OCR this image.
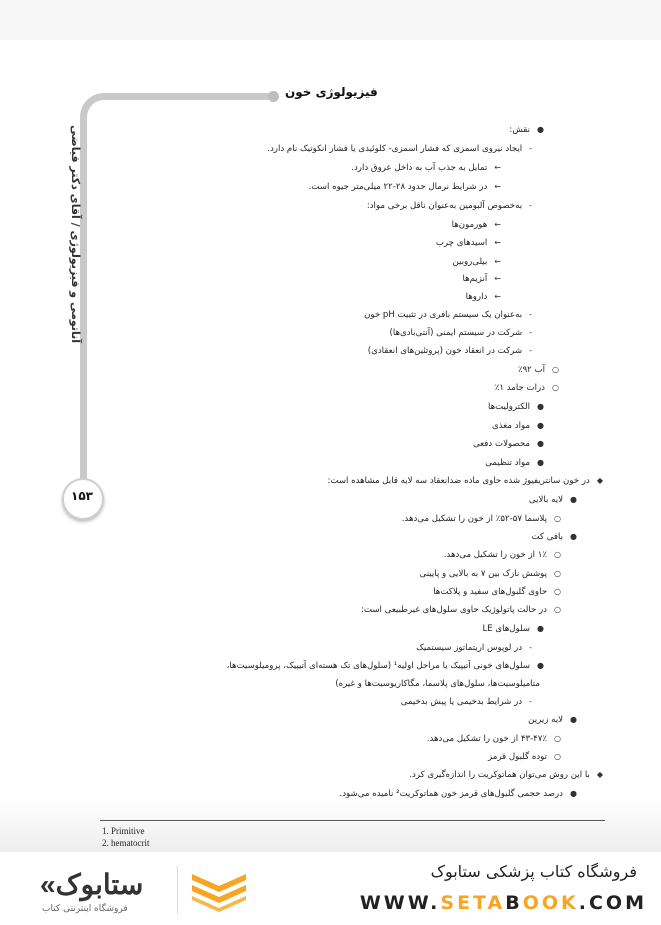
فیزیولوژی خون
آناتومی و فیزیولوژی / آقای دکتر فیاضی
۱۵۳
●نقش:
-ایجاد نیروی اسمزی که فشار اسمزی- کلوئیدی یا فشار انکوتیک نام دارد.
←تمایل به جذب آب به داخل عروق دارد.
←در شرایط نرمال حدود ۲۸-۲۲ میلی‌متر جیوه است.
-به‌خصوص آلبومین به‌عنوان ناقل برخی مواد:
←هورمون‌ها
←اسیدهای چرب
←بیلی‌روبین
←آنزیم‌ها
←داروها
-به‌عنوان یک سیستم بافری در تثبیت pH خون
-شرکت در سیستم ایمنی (آنتی‌بادی‌ها)
-شرکت در انعقاد خون (پروتئین‌های انعقادی)
○آب ۹۲٪
○ذرات جامد ۱٪
●الکترولیت‌ها
●مواد مغذی
●محصولات دفعی
●مواد تنظیمی
◆در خون سانتریفیوژ شده حاوی ماده ضدانعقاد سه لایه قابل مشاهده است:
●لایه بالایی
○پلاسما ۵۷-۵۲٪ از خون را تشکیل می‌دهد.
●بافی کت
○۱٪ از خون را تشکیل می‌دهد.
○پوشش نازک بین ۷ به بالایی و پایینی
○حاوی گلبول‌های سفید و پلاکت‌ها
○در حالت پاتولوژیک حاوی سلول‌های غیرطبیعی است:
●سلول‌های LE
-در لوپوس اریتماتوز سیستمیک
●سلول‌های خونی آتیپیک یا مراحل اولیه¹ (سلول‌های تک هسته‌ای آتیپیک، پرومیلوسیت‌ها،
متامیلوسیت‌ها، سلول‌های پلاسما، مگاکاریوسیت‌ها و غیره)
-در شرایط بدخیمی یا پیش بدخیمی
●لایه زیرین
○۴۳-۴۷٪ از خون را تشکیل می‌دهد.
○توده گلبول قرمز
◆با این روش می‌توان هماتوکریت را اندازه‌گیری کرد.
●درصد حجمی گلبول‌های قرمز خون هماتوکریت² نامیده می‌شود.
1. Primitive
2. hematocrit
«ستابوک
فروشگاه اینترنتی کتاب
فروشگاه کتاب پزشکی ستابوک
WWW.SETABOOK.COM
